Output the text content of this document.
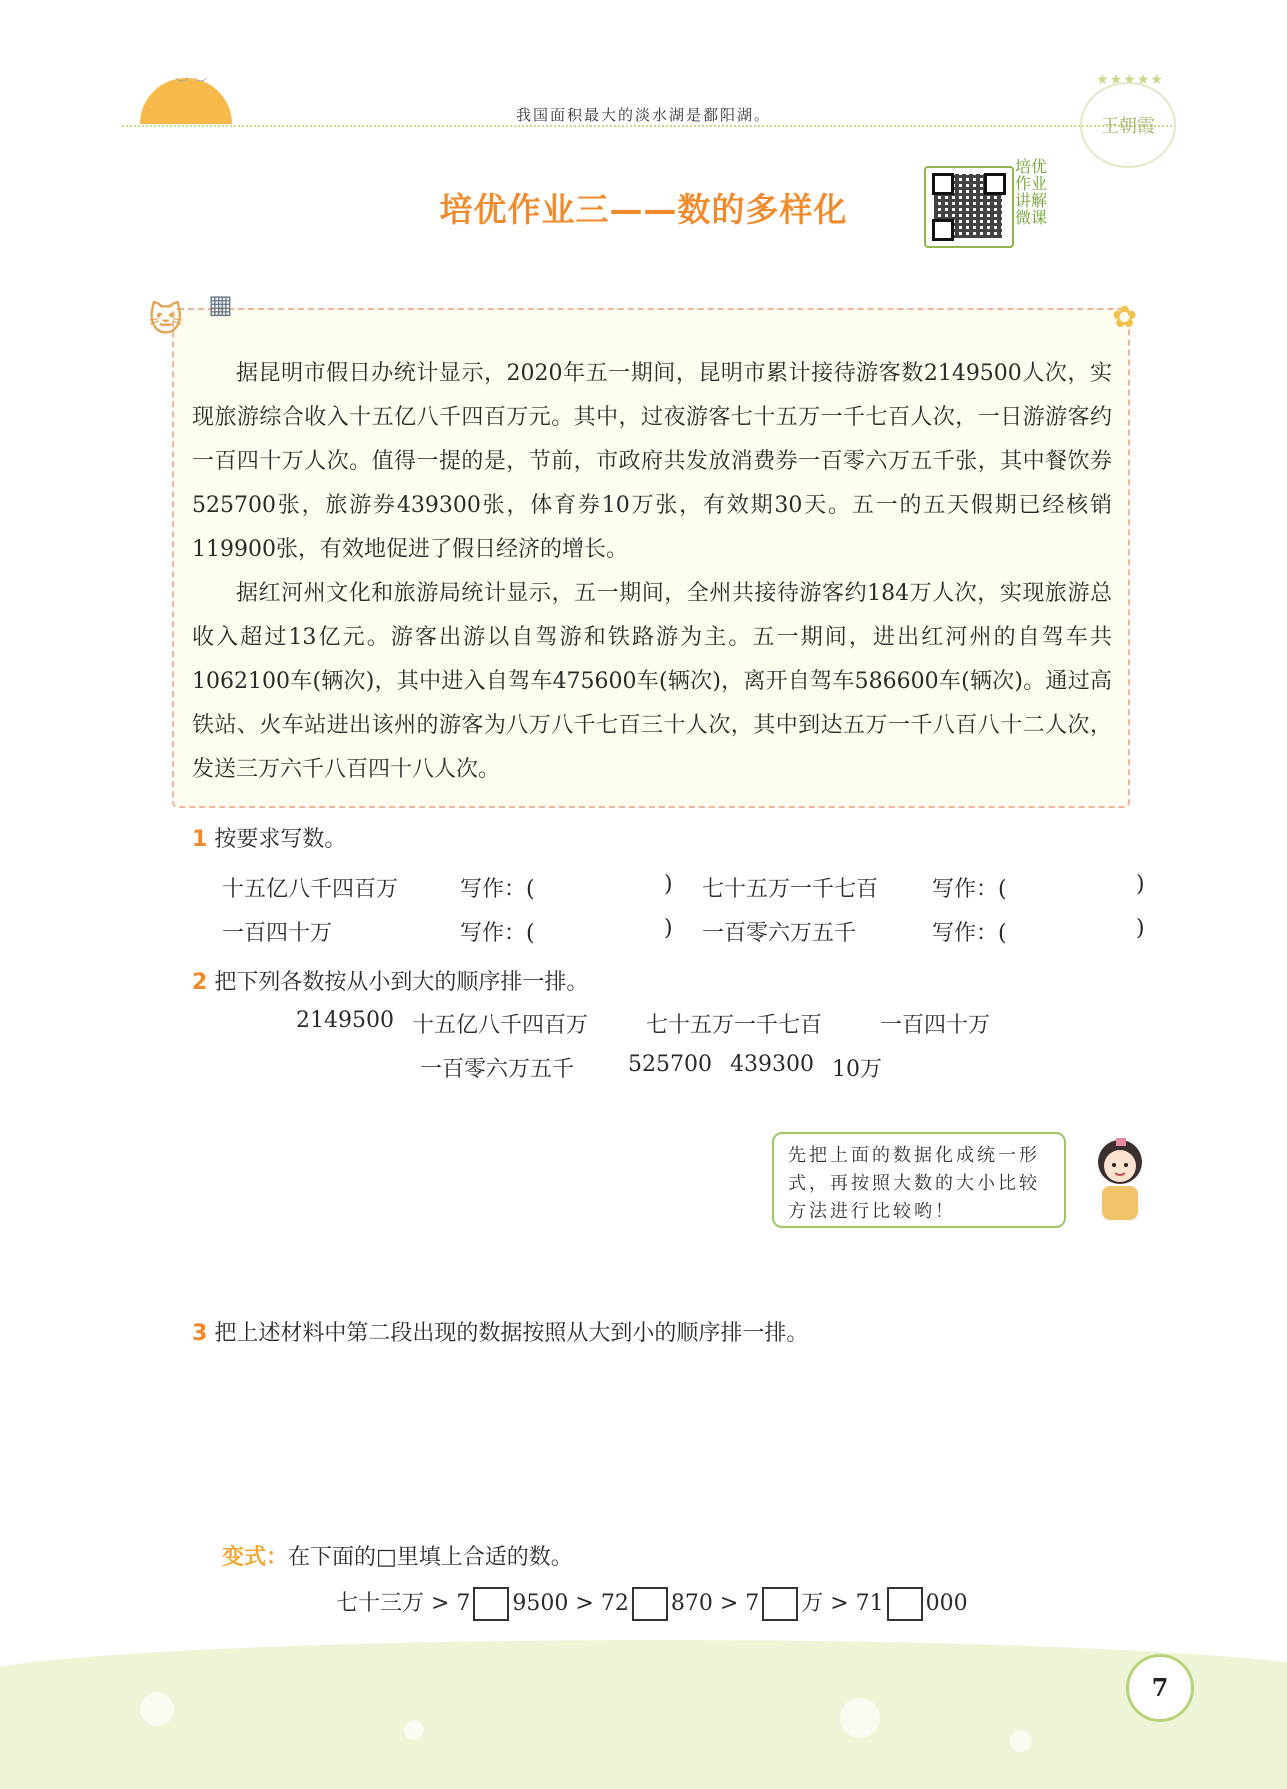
︶ ︶
我国面积最大的淡水湖是鄱阳湖。
★★★★★
王朝霞
培优作业三——数的多样化
培优作业
讲解微课
🐱 ▦	✿

据昆明市假日办统计显示，2020年五一期间，昆明市累计接待游客数2149500人次，实现旅游综合收入十五亿八千四百万元。其中，过夜游客七十五万一千七百人次，一日游游客约一百四十万人次。值得一提的是，节前，市政府共发放消费券一百零六万五千张，其中餐饮券525700张，旅游券439300张，体育券10万张，有效期30天。五一的五天假期已经核销119900张，有效地促进了假日经济的增长。

据红河州文化和旅游局统计显示，五一期间，全州共接待游客约184万人次，实现旅游总收入超过13亿元。游客出游以自驾游和铁路游为主。五一期间，进出红河州的自驾车共1062100车(辆次)，其中进入自驾车475600车(辆次)，离开自驾车586600车(辆次)。通过高铁站、火车站进出该州的游客为八万八千七百三十人次，其中到达五万一千八百八十二人次，发送三万六千八百四十八人次。

1 按要求写数。
十五亿八千四百万	写作：(	) 七十五万一千七百 写作：(	)
一百四十万	写作：(	) 一百零六万五千	写作：(	)
2 把下列各数按从小到大的顺序排一排。
2149500 十五亿八千四百万	七十五万一千七百	一百四十万
一百零六万五千 525700 439300 10万
先把上面的数据化成统一形式，再按照大数的大小比较方法进行比较哟！
3 把上述材料中第二段出现的数据按照从大到小的顺序排一排。
变式：在下面的□里填上合适的数。
七十三万 > 7 9500 > 72 870 > 7 万 > 71 000
7
